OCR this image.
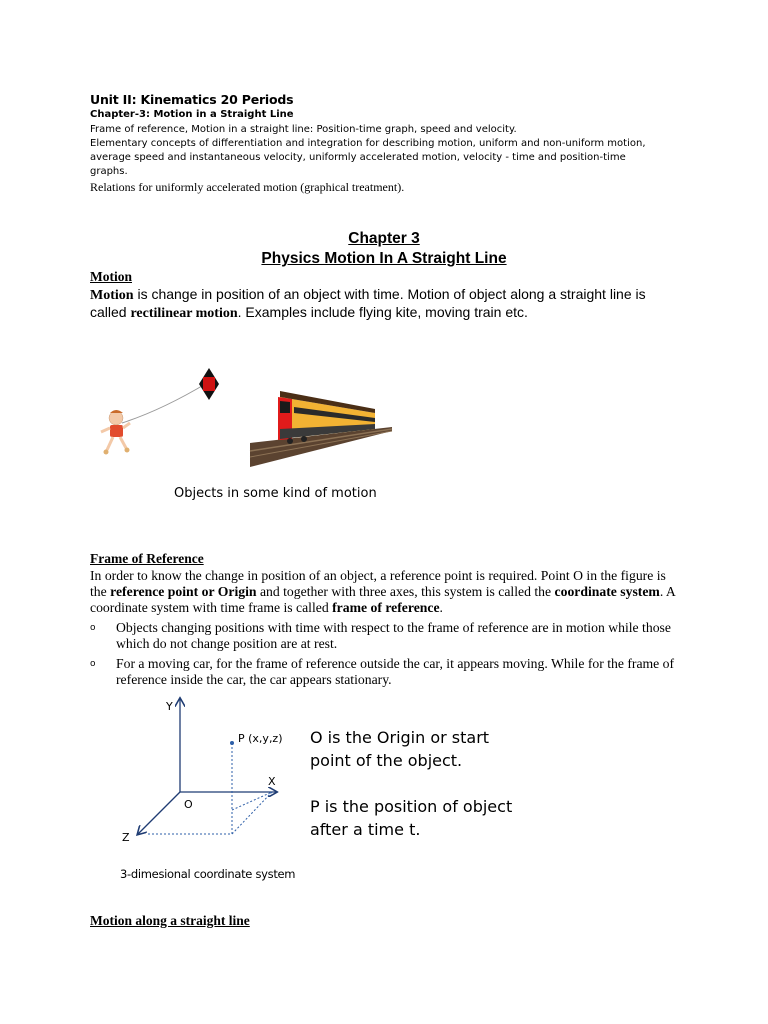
Unit II: Kinematics 20 Periods

Chapter-3: Motion in a Straight Line

Frame of reference, Motion in a straight line: Position-time graph, speed and velocity.

Elementary concepts of differentiation and integration for describing motion, uniform and non-uniform motion, average speed and instantaneous velocity, uniformly accelerated motion, velocity - time and position-time graphs.

Relations for uniformly accelerated motion (graphical treatment).

Chapter 3

Physics Motion In A Straight Line

Motion

Motion is change in position of an object with time. Motion of object along a straight line is called rectilinear motion. Examples include flying kite, moving train etc.

Objects in some kind of motion

Frame of Reference

In order to know the change in position of an object, a reference point is required. Point O in the figure is the reference point or Origin and together with three axes, this system is called the coordinate system. A coordinate system with time frame is called frame of reference.

o Objects changing positions with time with respect to the frame of reference are in motion while those which do not change position are at rest.
o For a moving car, for the frame of reference outside the car, it appears moving. While for the frame of reference inside the car, the car appears stationary.
Y
X
Z
O
P (x,y,z) O is the Origin or start
point of the object.

P is the position of object
after a time t.

3-dimesional coordinate system

Motion along a straight line
